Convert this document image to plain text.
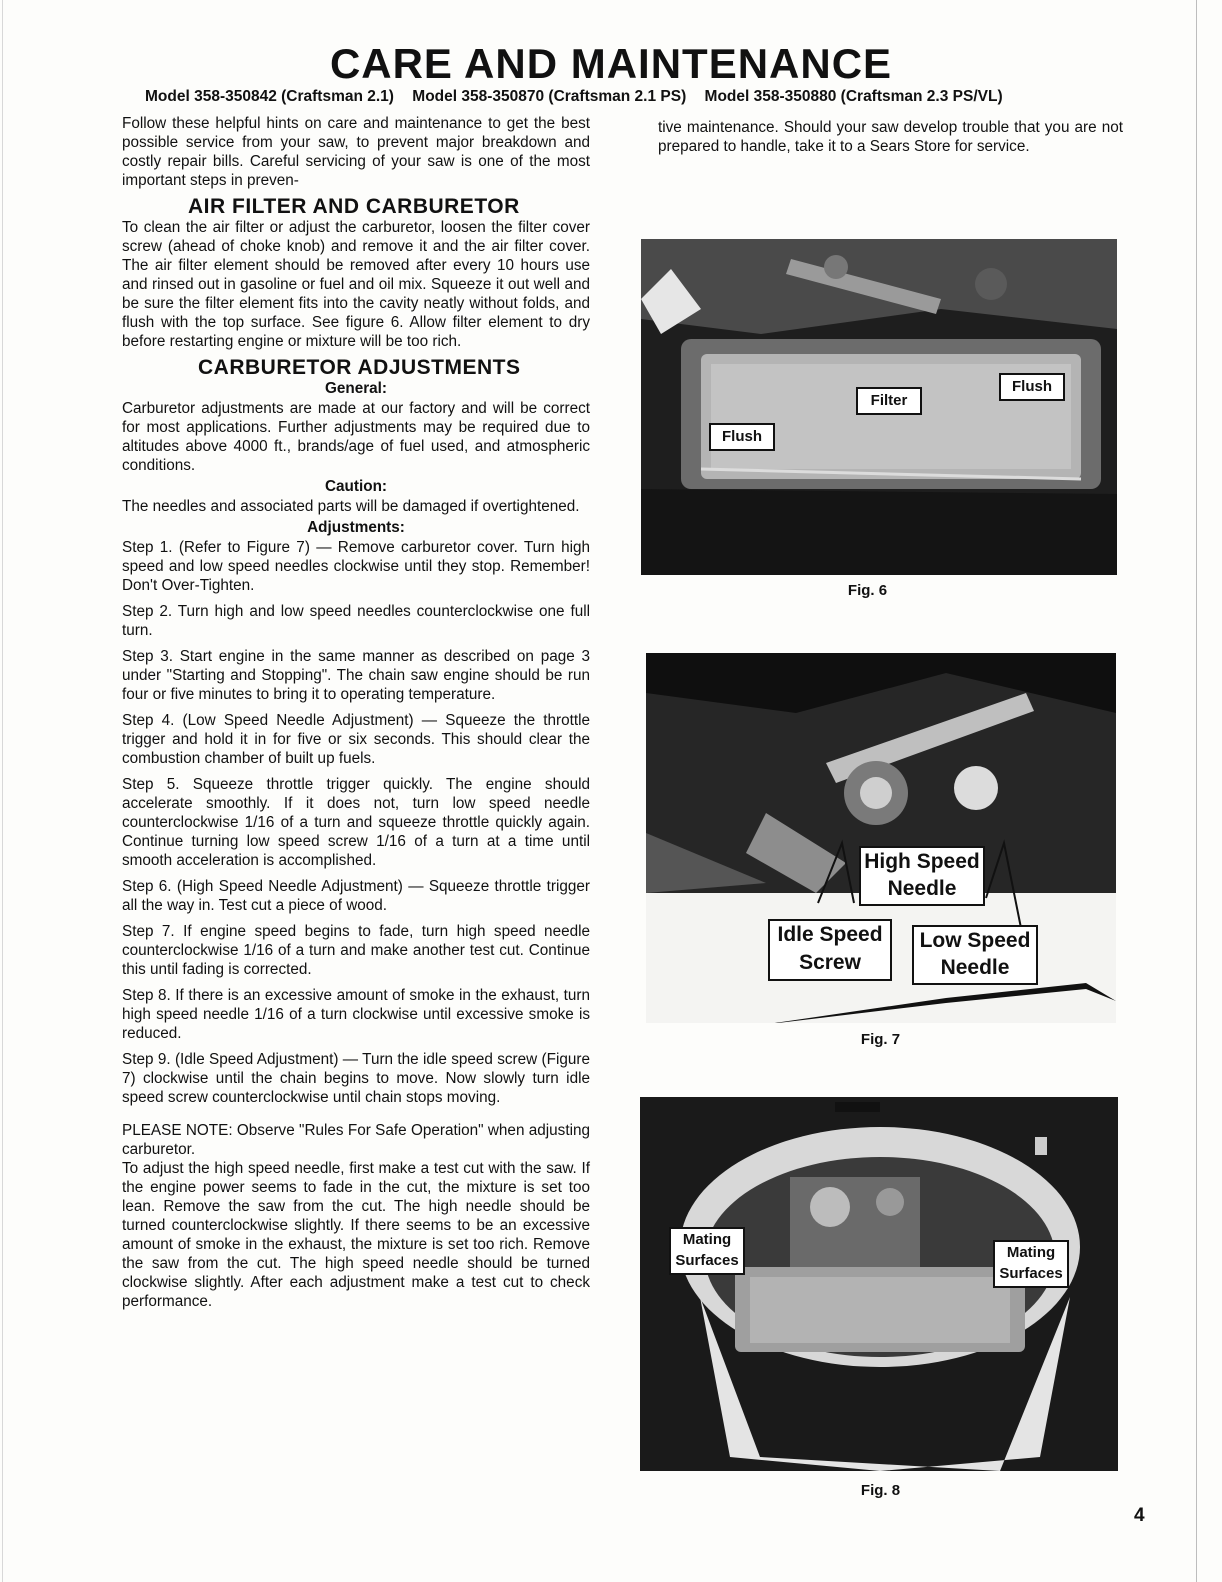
CARE AND MAINTENANCE
Model 358-350842 (Craftsman 2.1) Model 358-350870 (Craftsman 2.1 PS) Model 358-350880 (Craftsman 2.3 PS/VL)

Follow these helpful hints on care and maintenance to get the best possible service from your saw, to prevent major breakdown and costly repair bills. Careful servicing of your saw is one of the most important steps in preven-

AIR FILTER AND CARBURETOR

To clean the air filter or adjust the carburetor, loosen the filter cover screw (ahead of choke knob) and remove it and the air filter cover. The air filter element should be removed after every 10 hours use and rinsed out in gasoline or fuel and oil mix. Squeeze it out well and be sure the filter element fits into the cavity neatly without folds, and flush with the top surface. See figure 6. Allow filter element to dry before restarting engine or mixture will be too rich.

CARBURETOR ADJUSTMENTS
General:

Carburetor adjustments are made at our factory and will be correct for most applications. Further adjustments may be required due to altitudes above 4000 ft., brands/age of fuel used, and atmospheric conditions.

Caution:

The needles and associated parts will be damaged if overtightened.

Adjustments:

Step 1. (Refer to Figure 7) — Remove carburetor cover. Turn high speed and low speed needles clockwise until they stop. Remember! Don't Over-Tighten.

Step 2. Turn high and low speed needles counterclockwise one full turn.

Step 3. Start engine in the same manner as described on page 3 under "Starting and Stopping". The chain saw engine should be run four or five minutes to bring it to operating temperature.

Step 4. (Low Speed Needle Adjustment) — Squeeze the throttle trigger and hold it in for five or six seconds. This should clear the combustion chamber of built up fuels.

Step 5. Squeeze throttle trigger quickly. The engine should accelerate smoothly. If it does not, turn low speed needle counterclockwise 1/16 of a turn and squeeze throttle quickly again. Continue turning low speed screw 1/16 of a turn at a time until smooth acceleration is accomplished.

Step 6. (High Speed Needle Adjustment) — Squeeze throttle trigger all the way in. Test cut a piece of wood.

Step 7. If engine speed begins to fade, turn high speed needle counterclockwise 1/16 of a turn and make another test cut. Continue this until fading is corrected.

Step 8. If there is an excessive amount of smoke in the exhaust, turn high speed needle 1/16 of a turn clockwise until excessive smoke is reduced.

Step 9. (Idle Speed Adjustment) — Turn the idle speed screw (Figure 7) clockwise until the chain begins to move. Now slowly turn idle speed screw counterclockwise until chain stops moving.

PLEASE NOTE: Observe "Rules For Safe Operation" when adjusting carburetor.

To adjust the high speed needle, first make a test cut with the saw. If the engine power seems to fade in the cut, the mixture is set too lean. Remove the saw from the cut. The high needle should be turned counterclockwise slightly. If there seems to be an excessive amount of smoke in the exhaust, the mixture is set too rich. Remove the saw from the cut. The high speed needle should be turned clockwise slightly. After each adjustment make a test cut to check performance.

tive maintenance. Should your saw develop trouble that you are not prepared to handle, take it to a Sears Store for service.
Filter
Flush
Flush
Fig. 6
High Speed
Needle
Idle Speed
Screw
Low Speed
Needle
Fig. 7
Mating
Surfaces	Mating
Surfaces
Fig. 8
4
